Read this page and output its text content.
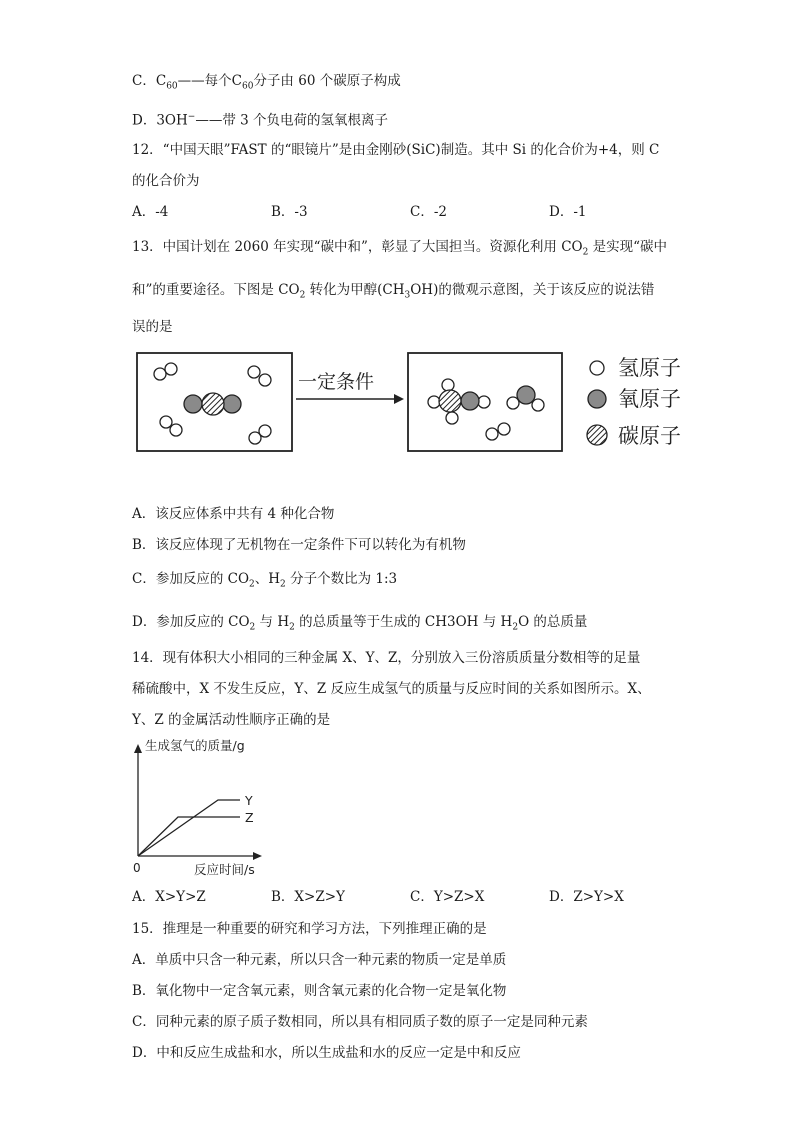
C．$C_{60}——$每个$C_{60}$分子由 60 个碳原子构成
D．3OH−——带 3 个负电荷的氢氧根离子
12．“中国天眼”FAST 的“眼镜片”是由金刚砂(SiC)制造。其中 Si 的化合价为+4，则 C
的化合价为
A．-4	B．-3	C．-2	D．-1
13．中国计划在 2060 年实现“碳中和”，彰显了大国担当。资源化利用 $CO_2$ 是实现“碳中
和”的重要途径。下图是 $CO_2$ 转化为甲醇$(CH_3OH)$的微观示意图，关于该反应的说法错
误的是
一定条件
氢原子
氧原子
碳原子
A．该反应体系中共有 4 种化合物
B．该反应体现了无机物在一定条件下可以转化为有机物
C．参加反应的 $CO_2$、$H_2$ 分子个数比为 1:3
D．参加反应的 $CO_2$ 与 $H_2$ 的总质量等于生成的 CH3OH 与 $H_2O$ 的总质量
14．现有体积大小相同的三种金属 X、Y、Z，分别放入三份溶质质量分数相等的足量
稀硫酸中，X 不发生反应，Y、Z 反应生成氢气的质量与反应时间的关系如图所示。X、
Y、Z 的金属活动性顺序正确的是
生成氢气的质量/g
0	反应时间/s
Y
Z
A．X>Y>Z	B．X>Z>Y	C．Y>Z>X	D．Z>Y>X
15．推理是一种重要的研究和学习方法，下列推理正确的是
A．单质中只含一种元素，所以只含一种元素的物质一定是单质
B．氧化物中一定含氧元素，则含氧元素的化合物一定是氧化物
C．同种元素的原子质子数相同，所以具有相同质子数的原子一定是同种元素
D．中和反应生成盐和水，所以生成盐和水的反应一定是中和反应
